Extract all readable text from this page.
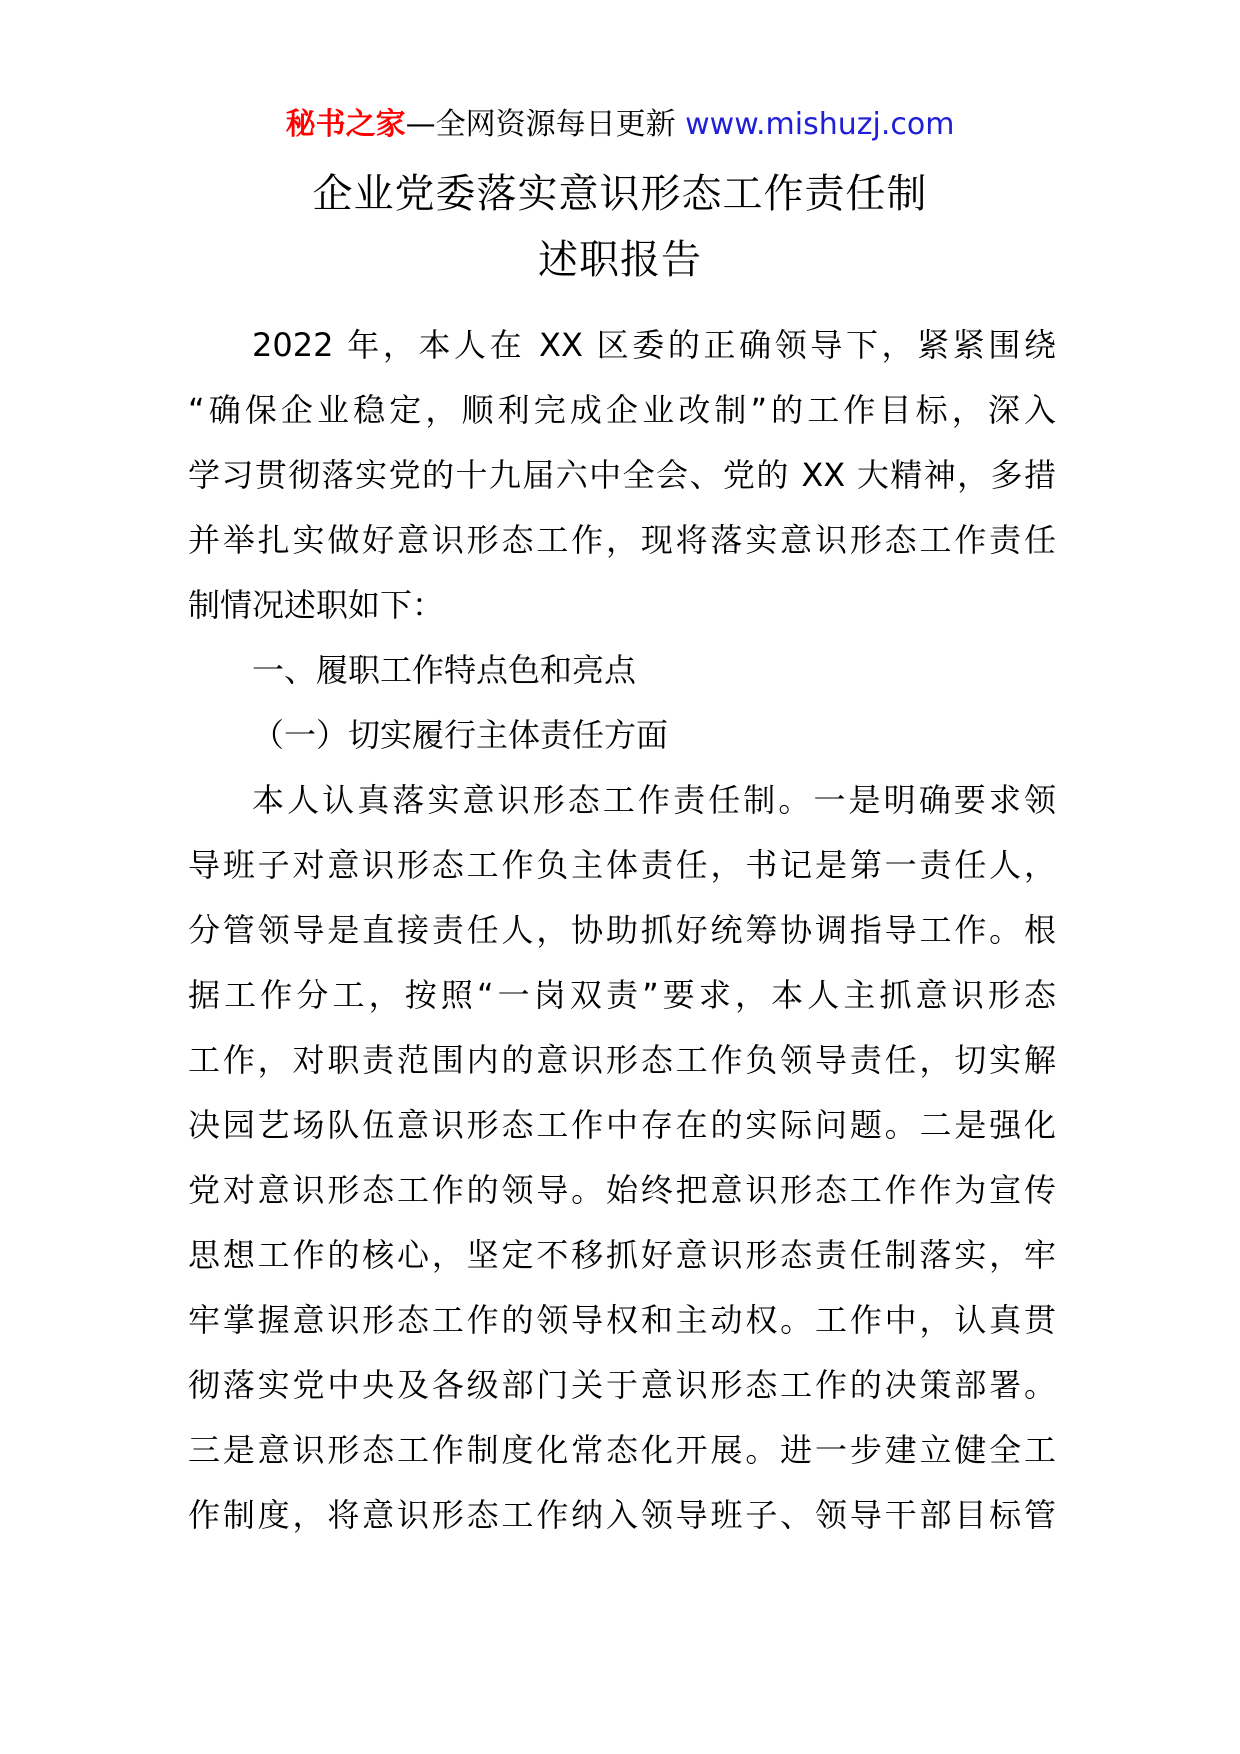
秘书之家—全网资源每日更新 www.mishuzj.com
企业党委落实意识形态工作责任制
述职报告
2022 年，本人在 XX 区委的正确领导下，紧紧围绕
“确保企业稳定，顺利完成企业改制”的工作目标，深入
学习贯彻落实党的十九届六中全会、党的 XX 大精神，多措
并举扎实做好意识形态工作，现将落实意识形态工作责任
制情况述职如下：
一、履职工作特点色和亮点
（一）切实履行主体责任方面
本人认真落实意识形态工作责任制。一是明确要求领
导班子对意识形态工作负主体责任，书记是第一责任人，
分管领导是直接责任人，协助抓好统筹协调指导工作。根
据工作分工，按照“一岗双责”要求，本人主抓意识形态
工作，对职责范围内的意识形态工作负领导责任，切实解
决园艺场队伍意识形态工作中存在的实际问题。二是强化
党对意识形态工作的领导。始终把意识形态工作作为宣传
思想工作的核心，坚定不移抓好意识形态责任制落实，牢
牢掌握意识形态工作的领导权和主动权。工作中，认真贯
彻落实党中央及各级部门关于意识形态工作的决策部署。
三是意识形态工作制度化常态化开展。进一步建立健全工
作制度，将意识形态工作纳入领导班子、领导干部目标管
